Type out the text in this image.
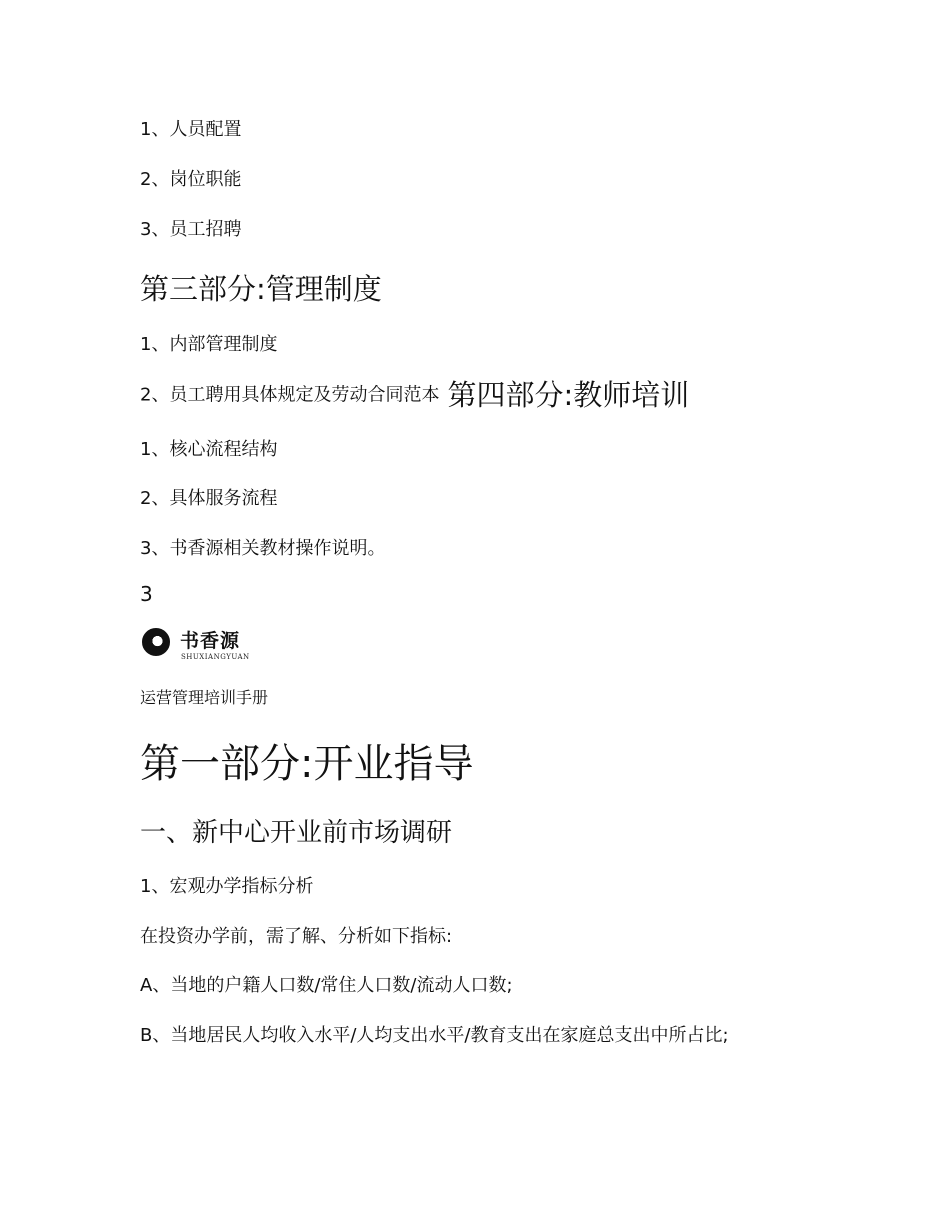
1、人员配置
2、岗位职能
3、员工招聘
第三部分:管理制度
1、内部管理制度
2、员工聘用具体规定及劳动合同范本 第四部分:教师培训
1、核心流程结构
2、具体服务流程
3、书香源相关教材操作说明。
3
书香源
SHUXIANGYUAN
运营管理培训手册
第一部分:开业指导
一、新中心开业前市场调研
1、宏观办学指标分析
在投资办学前，需了解、分析如下指标:
A、当地的户籍人口数/常住人口数/流动人口数;
B、当地居民人均收入水平/人均支出水平/教育支出在家庭总支出中所占比;
